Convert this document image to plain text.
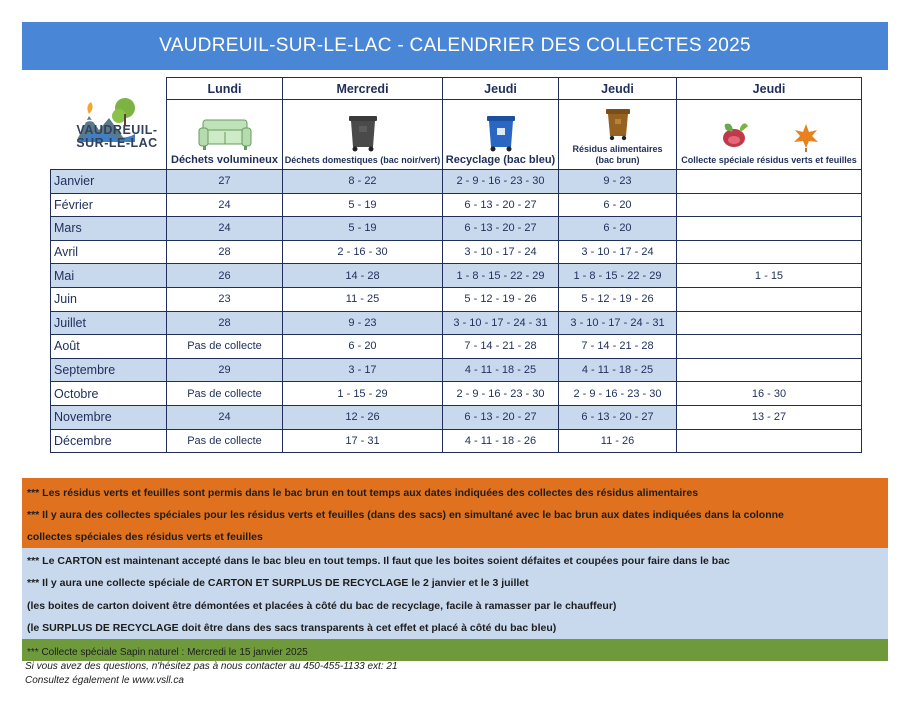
VAUDREUIL-SUR-LE-LAC - CALENDRIER DES COLLECTES 2025
VAUDREUIL-
SUR-LE-LAC
	Lundi	Mercredi	Jeudi	Jeudi	Jeudi

	Déchets volumineux	Déchets domestiques (bac noir/vert)	Recyclage (bac bleu)	Résidus alimentaires
(bac brun)	Collecte spéciale résidus verts et feuilles

Janvier	27	8 - 22	2 - 9 - 16 - 23 - 30	9 - 23	
Février	24	5 - 19	6 - 13 - 20 - 27	6 - 20	
Mars	24	5 - 19	6 - 13 - 20 - 27	6 - 20	
Avril	28	2 - 16 - 30	3 - 10 - 17 - 24	3 - 10 - 17 - 24	
Mai	26	14 - 28	1 - 8 - 15 - 22 - 29	1 - 8 - 15 - 22 - 29	1 - 15
Juin	23	11 - 25	5 - 12 - 19 - 26	5 - 12 - 19 - 26	
Juillet	28	9 - 23	3 - 10 - 17 - 24 - 31	3 - 10 - 17 - 24 - 31	
Août	Pas de collecte	6 - 20	7 - 14 - 21 - 28	7 - 14 - 21 - 28	
Septembre	29	3 - 17	4 - 11 - 18 - 25	4 - 11 - 18 - 25	
Octobre	Pas de collecte	1 - 15 - 29	2 - 9 - 16 - 23 - 30	2 - 9 - 16 - 23 - 30	16 - 30
Novembre	24	12 - 26	6 - 13 - 20 - 27	6 - 13 - 20 - 27	13 - 27
Décembre	Pas de collecte	17 - 31	4 - 11 - 18 - 26	11 - 26	

*** Les résidus verts et feuilles sont permis dans le bac brun en tout temps aux dates indiquées des collectes des résidus alimentaires

*** Il y aura des collectes spéciales pour les résidus verts et feuilles (dans des sacs) en simultané avec le bac brun aux dates indiquées dans la colonne

collectes spéciales des résidus verts et feuilles

*** Le CARTON est maintenant accepté dans le bac bleu en tout temps. Il faut que les boites soient défaites et coupées pour faire dans le bac

*** Il y aura une collecte spéciale de CARTON ET SURPLUS DE RECYCLAGE le 2 janvier et le 3 juillet

(les boites de carton doivent être démontées et placées à côté du bac de recyclage, facile à ramasser par le chauffeur)

(le SURPLUS DE RECYCLAGE doit être dans des sacs transparents à cet effet et placé à côté du bac bleu)

*** Collecte spéciale Sapin naturel : Mercredi le 15 janvier 2025
Si vous avez des questions, n'hésitez pas à nous contacter au 450-455-1133 ext: 21
Consultez également le www.vsll.ca
